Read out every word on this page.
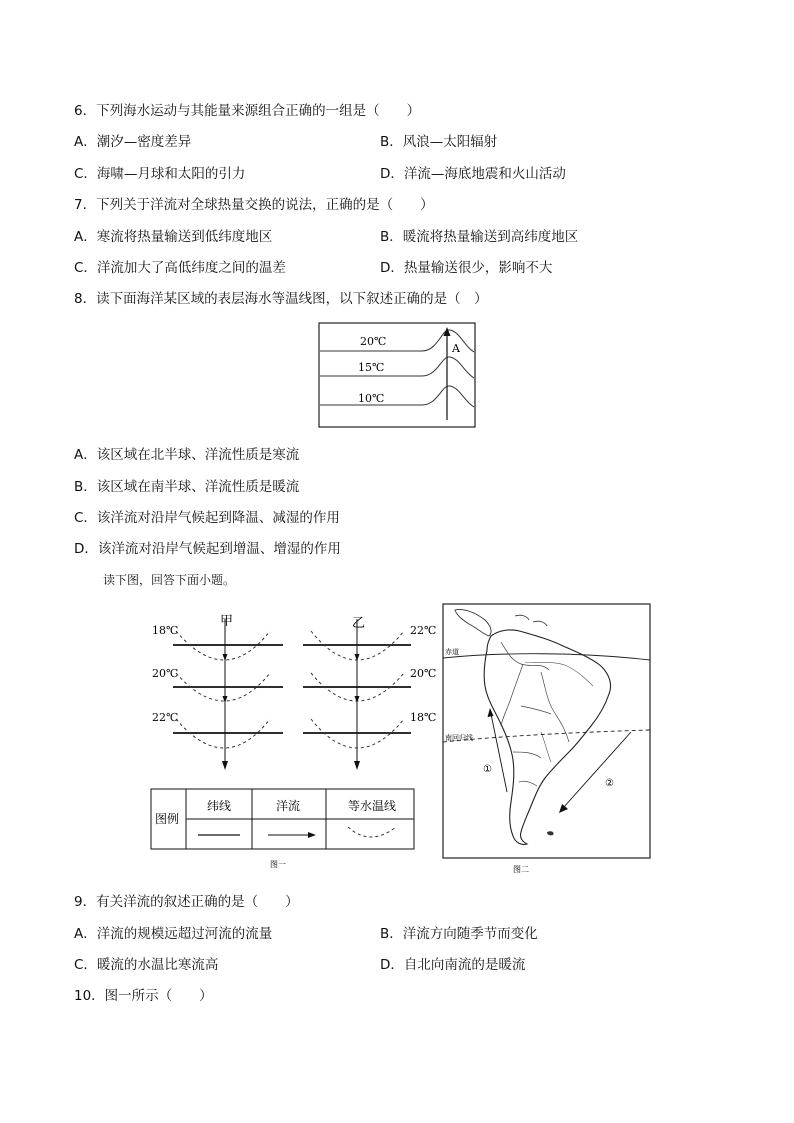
6．下列海水运动与其能量来源组合正确的一组是（　　）
A．潮汐—密度差异	B．风浪—太阳辐射
C．海啸—月球和太阳的引力	D．洋流—海底地震和火山活动
7．下列关于洋流对全球热量交换的说法，正确的是（　　）
A．寒流将热量输送到低纬度地区	B．暖流将热量输送到高纬度地区
C．洋流加大了高低纬度之间的温差	D．热量输送很少，影响不大
8．读下面海洋某区域的表层海水等温线图，以下叙述正确的是（　）
20℃
15℃
10℃
A
A．该区域在北半球、洋流性质是寒流
B．该区域在南半球、洋流性质是暖流
C．该洋流对沿岸气候起到降温、减湿的作用
D．该洋流对沿岸气候起到增温、增湿的作用
读下图，回答下面小题。
甲	乙
18℃
20℃
22℃
22℃
20℃
18℃
图例
纬线	洋流	等水温线
图一
赤道
南回归线
①
②
图二
9．有关洋流的叙述正确的是（　　）
A．洋流的规模远超过河流的流量	B．洋流方向随季节而变化
C．暖流的水温比寒流高	D．自北向南流的是暖流
10．图一所示（　　）
